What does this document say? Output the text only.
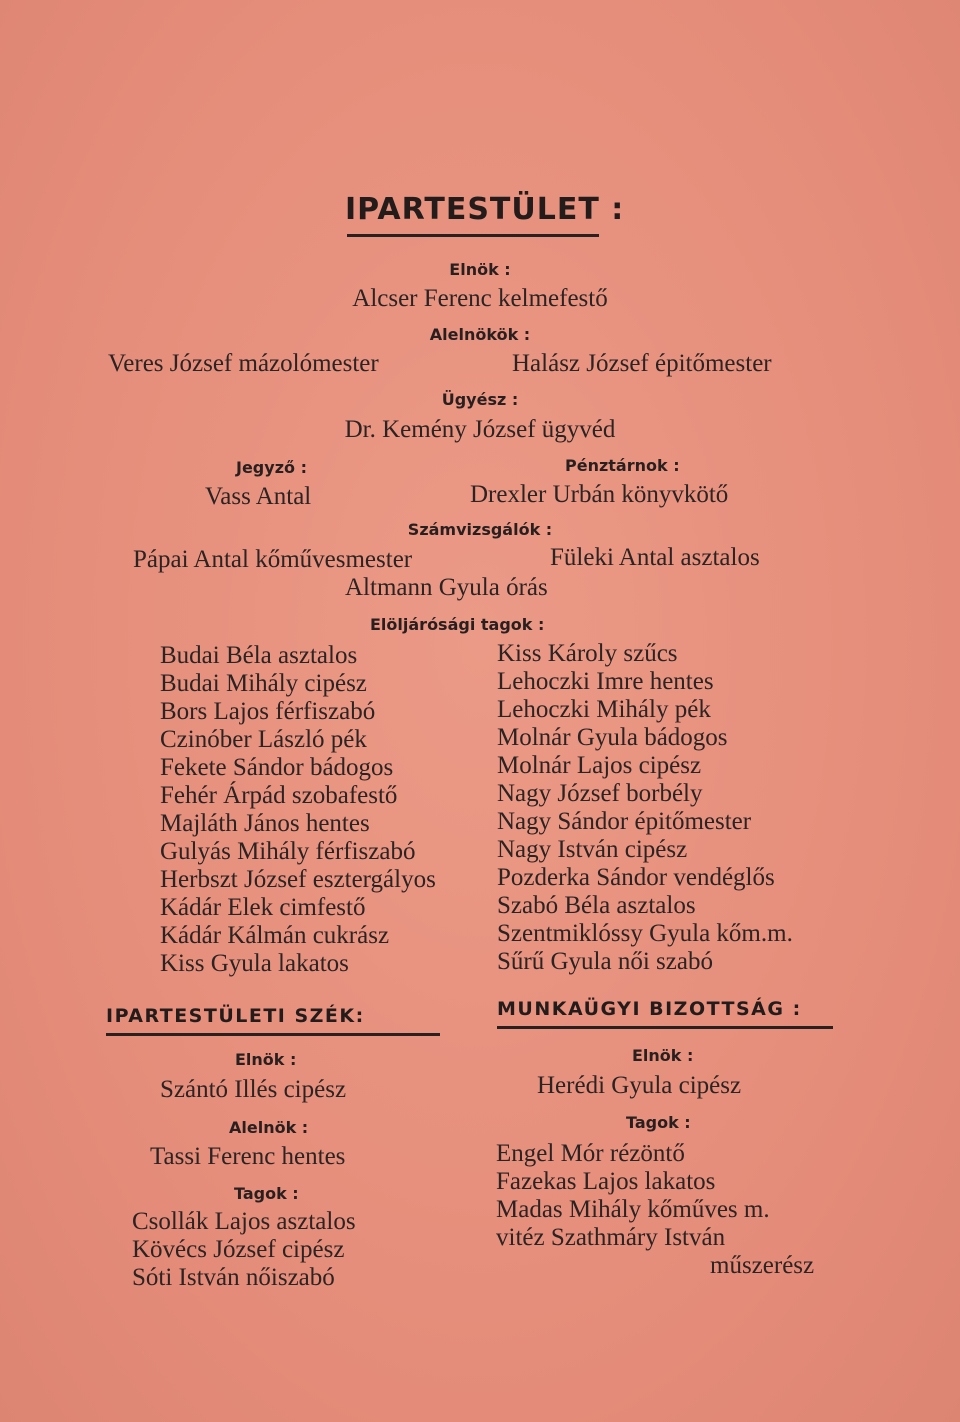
IPARTESTÜLET :
Elnök :
Alcser Ferenc kelmefestő
Alelnökök :
Veres József mázolómester	Halász József épitőmester
Ügyész :
Dr. Kemény József ügyvéd
Jegyző :	Pénztárnok :
Vass Antal	Drexler Urbán könyvkötő
Számvizsgálók :
Pápai Antal kőművesmester	Füleki Antal asztalos
Altmann Gyula órás
Elöljárósági tagok :
Budai Béla asztalos
Budai Mihály cipész
Bors Lajos férfiszabó
Czinóber László pék
Fekete Sándor bádogos
Fehér Árpád szobafestő
Majláth János hentes
Gulyás Mihály férfiszabó
Herbszt József esztergályos
Kádár Elek cimfestő
Kádár Kálmán cukrász
Kiss Gyula lakatos
Kiss Károly szűcs
Lehoczki Imre hentes
Lehoczki Mihály pék
Molnár Gyula bádogos
Molnár Lajos cipész
Nagy József borbély
Nagy Sándor épitőmester
Nagy István cipész
Pozderka Sándor vendéglős
Szabó Béla asztalos
Szentmiklóssy Gyula kőm.m.
Sűrű Gyula női szabó
IPARTESTÜLETI SZÉK:
Elnök :
Szántó Illés cipész
Alelnök :
Tassi Ferenc hentes
Tagok :
Csollák Lajos asztalos
Kövécs József cipész
Sóti István nőiszabó
MUNKAÜGYI BIZOTTSÁG :
Elnök :
Herédi Gyula cipész
Tagok :
Engel Mór rézöntő
Fazekas Lajos lakatos
Madas Mihály kőműves m.
vitéz Szathmáry István
műszerész
